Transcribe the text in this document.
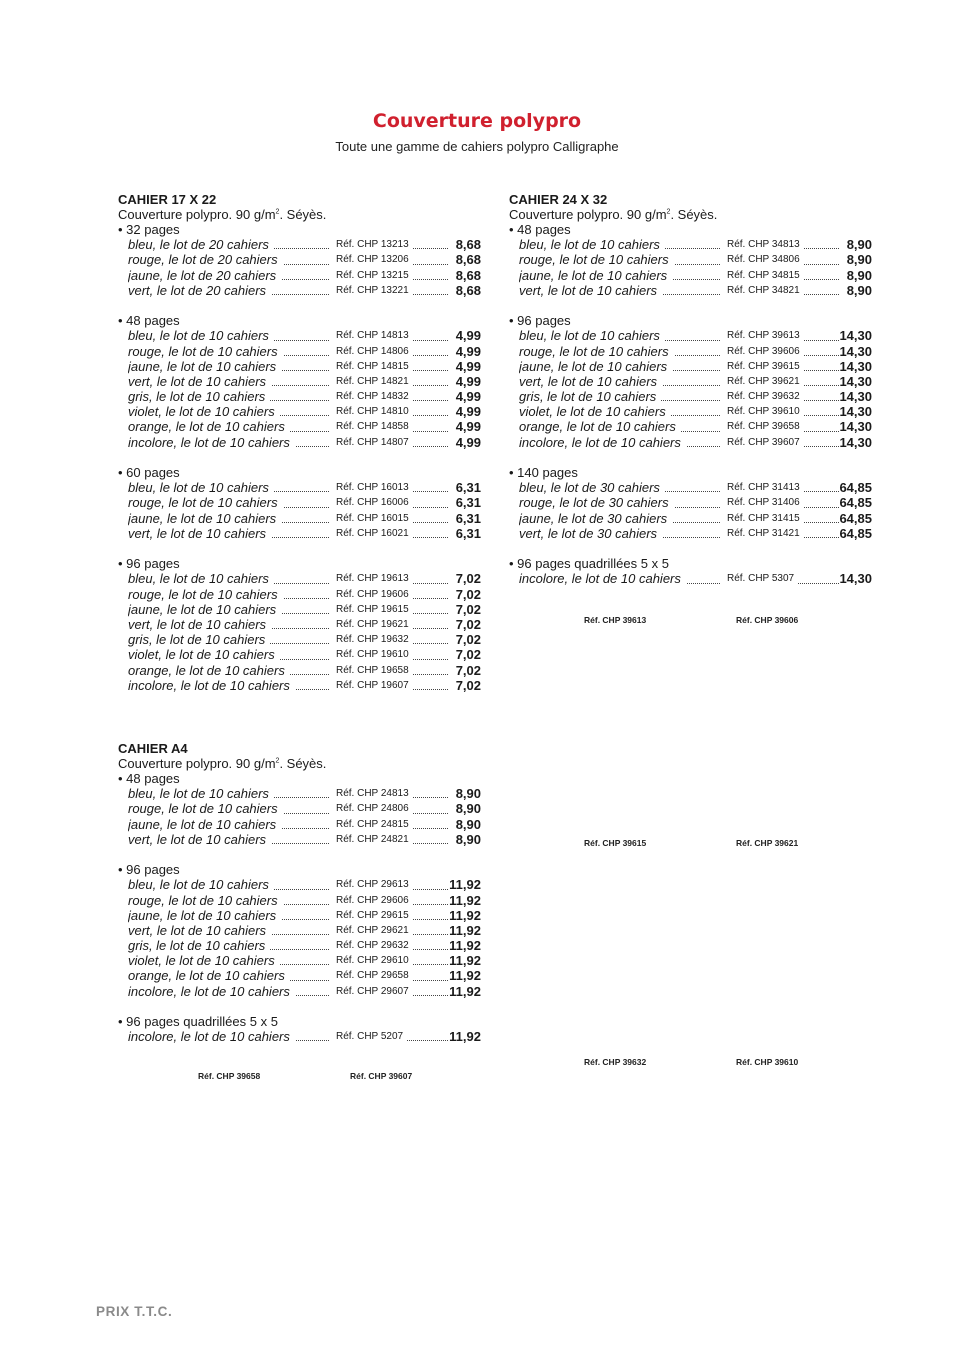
Couverture polypro
Toute une gamme de cahiers polypro Calligraphe
CAHIER 17 X 22
Couverture polypro. 90 $g/m^2$. Séyès.
• 32 pages
bleu, le lot de 20 cahiers	Réf. CHP 13213	8,68
rouge, le lot de 20 cahiers	Réf. CHP 13206	8,68
jaune, le lot de 20 cahiers	Réf. CHP 13215	8,68
vert, le lot de 20 cahiers	Réf. CHP 13221	8,68
• 48 pages
bleu, le lot de 10 cahiers	Réf. CHP 14813	4,99
rouge, le lot de 10 cahiers	Réf. CHP 14806	4,99
jaune, le lot de 10 cahiers	Réf. CHP 14815	4,99
vert, le lot de 10 cahiers	Réf. CHP 14821	4,99
gris, le lot de 10 cahiers	Réf. CHP 14832	4,99
violet, le lot de 10 cahiers	Réf. CHP 14810	4,99
orange, le lot de 10 cahiers	Réf. CHP 14858	4,99
incolore, le lot de 10 cahiers	Réf. CHP 14807	4,99
• 60 pages
bleu, le lot de 10 cahiers	Réf. CHP 16013	6,31
rouge, le lot de 10 cahiers	Réf. CHP 16006	6,31
jaune, le lot de 10 cahiers	Réf. CHP 16015	6,31
vert, le lot de 10 cahiers	Réf. CHP 16021	6,31
• 96 pages
bleu, le lot de 10 cahiers	Réf. CHP 19613	7,02
rouge, le lot de 10 cahiers	Réf. CHP 19606	7,02
jaune, le lot de 10 cahiers	Réf. CHP 19615	7,02
vert, le lot de 10 cahiers	Réf. CHP 19621	7,02
gris, le lot de 10 cahiers	Réf. CHP 19632	7,02
violet, le lot de 10 cahiers	Réf. CHP 19610	7,02
orange, le lot de 10 cahiers	Réf. CHP 19658	7,02
incolore, le lot de 10 cahiers	Réf. CHP 19607	7,02
CAHIER A4
Couverture polypro. 90 $g/m^2$. Séyès.
• 48 pages
bleu, le lot de 10 cahiers	Réf. CHP 24813	8,90
rouge, le lot de 10 cahiers	Réf. CHP 24806	8,90
jaune, le lot de 10 cahiers	Réf. CHP 24815	8,90
vert, le lot de 10 cahiers	Réf. CHP 24821	8,90
• 96 pages
bleu, le lot de 10 cahiers	Réf. CHP 29613	11,92
rouge, le lot de 10 cahiers	Réf. CHP 29606	11,92
jaune, le lot de 10 cahiers	Réf. CHP 29615	11,92
vert, le lot de 10 cahiers	Réf. CHP 29621	11,92
gris, le lot de 10 cahiers	Réf. CHP 29632	11,92
violet, le lot de 10 cahiers	Réf. CHP 29610	11,92
orange, le lot de 10 cahiers	Réf. CHP 29658	11,92
incolore, le lot de 10 cahiers	Réf. CHP 29607	11,92
• 96 pages quadrillées 5 x 5
incolore, le lot de 10 cahiers	Réf. CHP 5207	11,92
CAHIER 24 X 32
Couverture polypro. 90 $g/m^2$. Séyès.
• 48 pages
bleu, le lot de 10 cahiers	Réf. CHP 34813	8,90
rouge, le lot de 10 cahiers	Réf. CHP 34806	8,90
jaune, le lot de 10 cahiers	Réf. CHP 34815	8,90
vert, le lot de 10 cahiers	Réf. CHP 34821	8,90
• 96 pages
bleu, le lot de 10 cahiers	Réf. CHP 39613	14,30
rouge, le lot de 10 cahiers	Réf. CHP 39606	14,30
jaune, le lot de 10 cahiers	Réf. CHP 39615	14,30
vert, le lot de 10 cahiers	Réf. CHP 39621	14,30
gris, le lot de 10 cahiers	Réf. CHP 39632	14,30
violet, le lot de 10 cahiers	Réf. CHP 39610	14,30
orange, le lot de 10 cahiers	Réf. CHP 39658	14,30
incolore, le lot de 10 cahiers	Réf. CHP 39607	14,30
• 140 pages
bleu, le lot de 30 cahiers	Réf. CHP 31413	64,85
rouge, le lot de 30 cahiers	Réf. CHP 31406	64,85
jaune, le lot de 30 cahiers	Réf. CHP 31415	64,85
vert, le lot de 30 cahiers	Réf. CHP 31421	64,85
• 96 pages quadrillées 5 x 5
incolore, le lot de 10 cahiers	Réf. CHP 5307	14,30
Réf. CHP 39613	Réf. CHP 39606
Réf. CHP 39615	Réf. CHP 39621
Réf. CHP 39632	Réf. CHP 39610
Réf. CHP 39658	Réf. CHP 39607
PRIX T.T.C.
